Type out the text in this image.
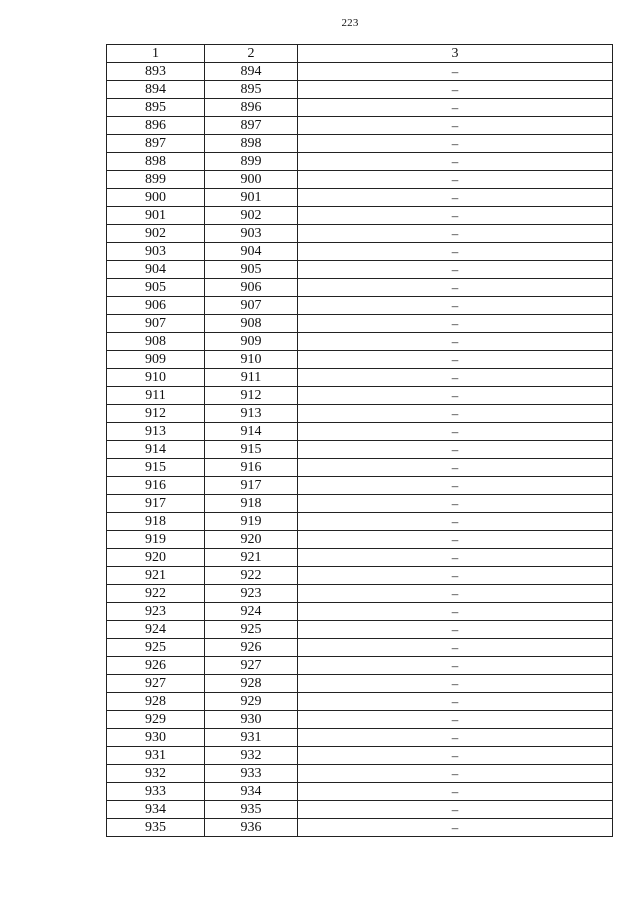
223
1	2	3
893	894	–
894	895	–
895	896	–
896	897	–
897	898	–
898	899	–
899	900	–
900	901	–
901	902	–
902	903	–
903	904	–
904	905	–
905	906	–
906	907	–
907	908	–
908	909	–
909	910	–
910	911	–
911	912	–
912	913	–
913	914	–
914	915	–
915	916	–
916	917	–
917	918	–
918	919	–
919	920	–
920	921	–
921	922	–
922	923	–
923	924	–
924	925	–
925	926	–
926	927	–
927	928	–
928	929	–
929	930	–
930	931	–
931	932	–
932	933	–
933	934	–
934	935	–
935	936	–
